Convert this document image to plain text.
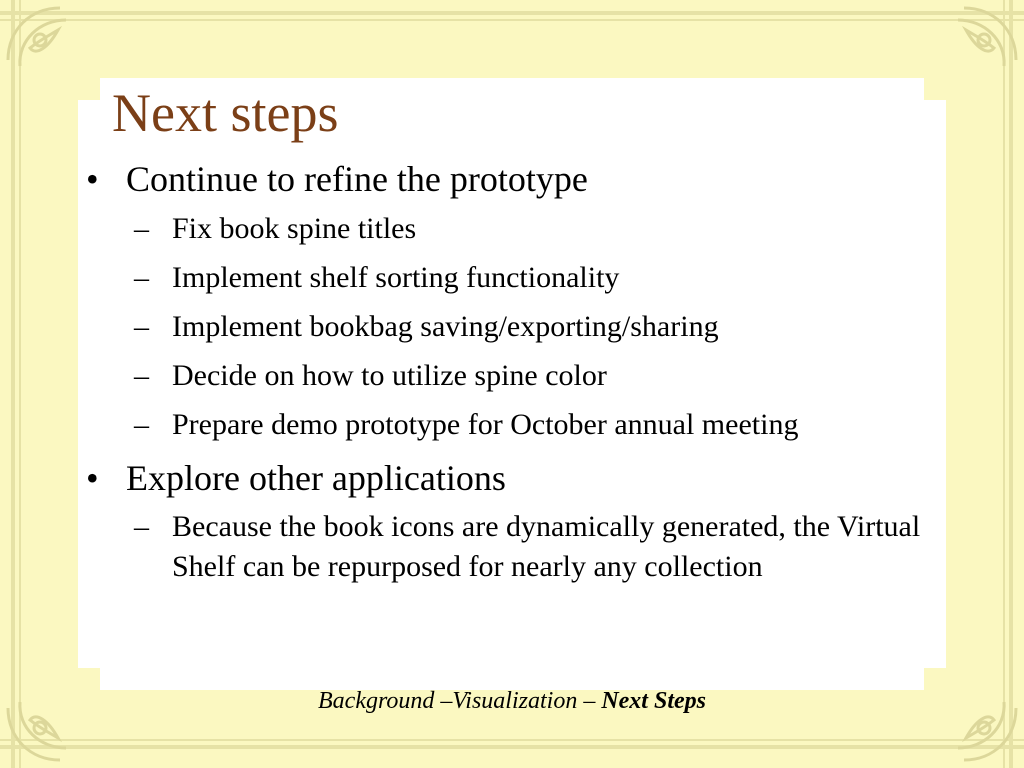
Next steps
• Continue to refine the prototype
– Fix book spine titles
– Implement shelf sorting functionality
– Implement bookbag saving/exporting/sharing
– Decide on how to utilize spine color
– Prepare demo prototype for October annual meeting
• Explore other applications
– Because the book icons are dynamically generated, the Virtual Shelf can be repurposed for nearly any collection
Background –Visualization – Next Steps
